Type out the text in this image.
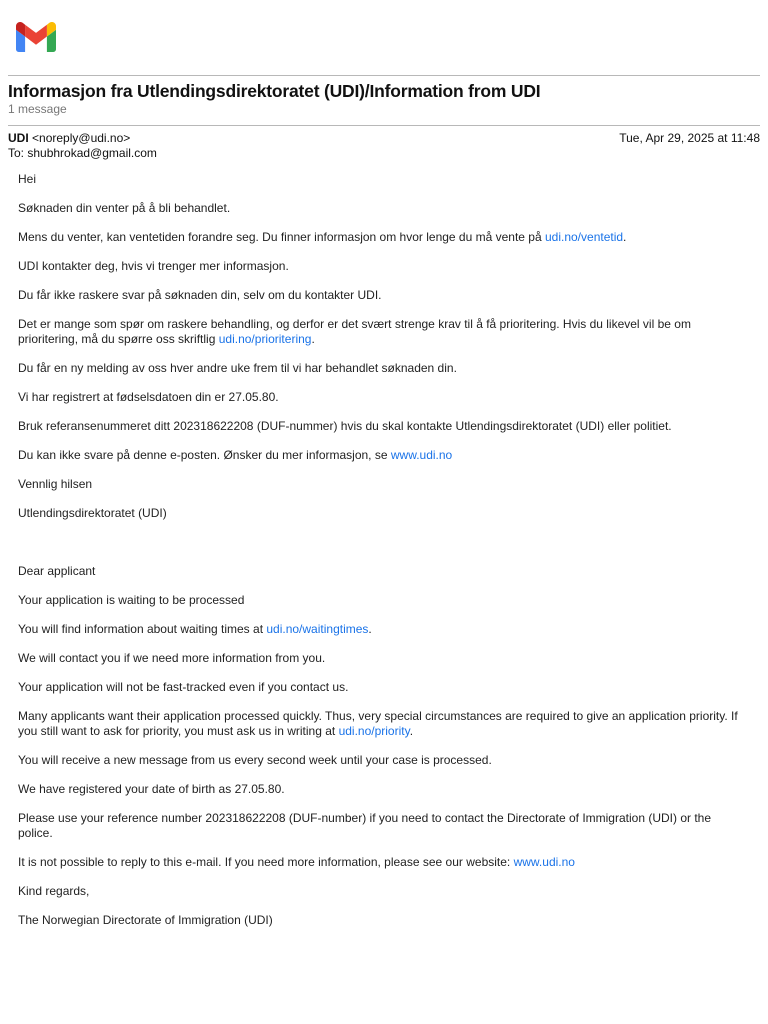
Informasjon fra Utlendingsdirektoratet (UDI)/Information from UDI
1 message
UDI <noreply@udi.no>	Tue, Apr 29, 2025 at 11:48
To: shubhrokad@gmail.com

Hei

Søknaden din venter på å bli behandlet.

Mens du venter, kan ventetiden forandre seg. Du finner informasjon om hvor lenge du må vente på udi.no/ventetid.

UDI kontakter deg, hvis vi trenger mer informasjon.

Du får ikke raskere svar på søknaden din, selv om du kontakter UDI.

Det er mange som spør om raskere behandling, og derfor er det svært strenge krav til å få prioritering. Hvis du likevel vil be om prioritering, må du spørre oss skriftlig udi.no/prioritering.

Du får en ny melding av oss hver andre uke frem til vi har behandlet søknaden din.

Vi har registrert at fødselsdatoen din er 27.05.80.

Bruk referansenummeret ditt 202318622208 (DUF-nummer) hvis du skal kontakte Utlendingsdirektoratet (UDI) eller politiet.

Du kan ikke svare på denne e-posten. Ønsker du mer informasjon, se www.udi.no

Vennlig hilsen

Utlendingsdirektoratet (UDI)

Dear applicant

Your application is waiting to be processed

You will find information about waiting times at udi.no/waitingtimes.

We will contact you if we need more information from you.

Your application will not be fast-tracked even if you contact us.

Many applicants want their application processed quickly. Thus, very special circumstances are required to give an application priority. If you still want to ask for priority, you must ask us in writing at udi.no/priority.

You will receive a new message from us every second week until your case is processed.

We have registered your date of birth as 27.05.80.

Please use your reference number 202318622208 (DUF-number) if you need to contact the Directorate of Immigration (UDI) or the police.

It is not possible to reply to this e-mail. If you need more information, please see our website: www.udi.no

Kind regards,

The Norwegian Directorate of Immigration (UDI)
